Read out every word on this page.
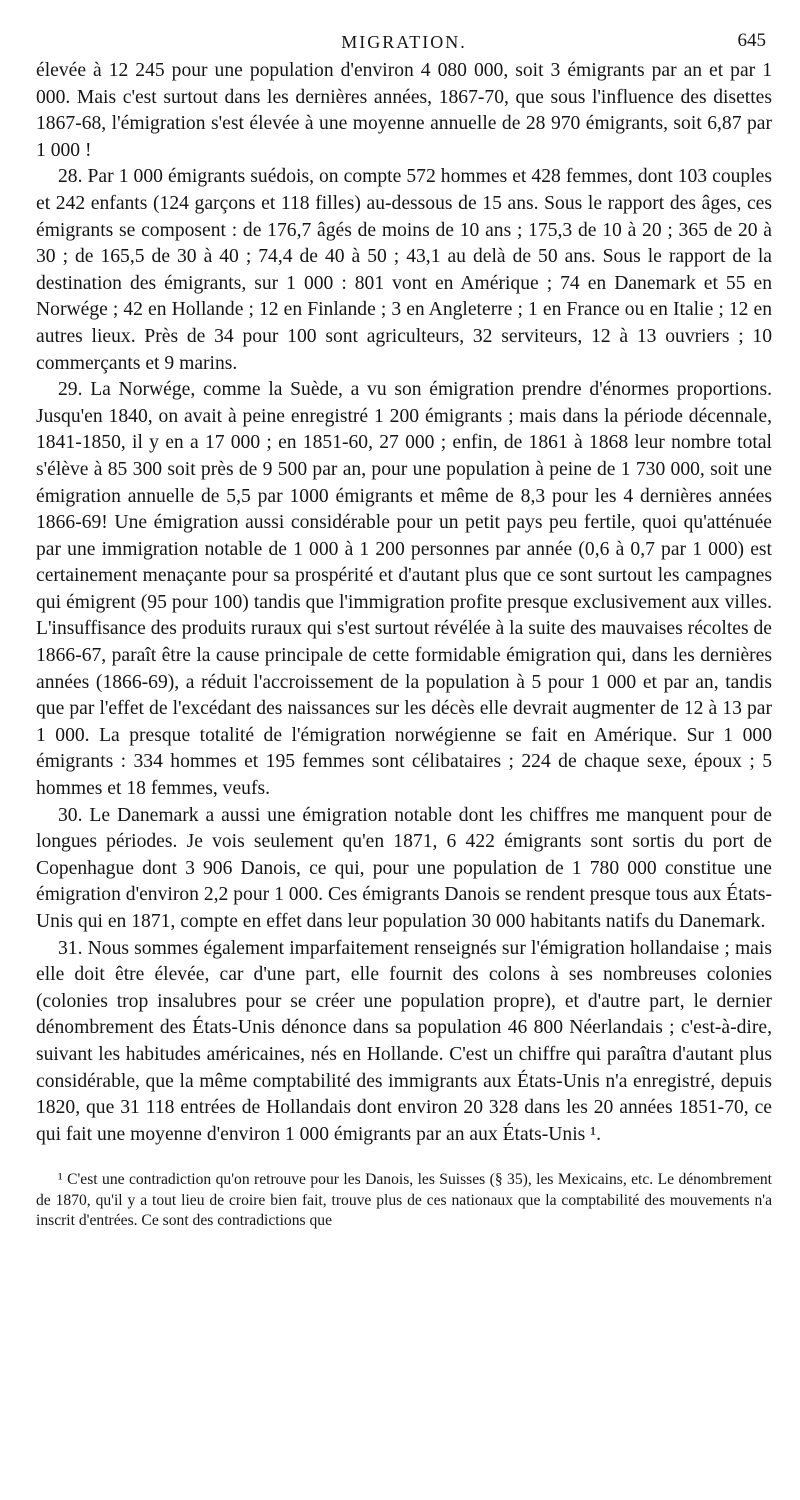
MIGRATION.	645

élevée à 12 245 pour une population d'environ 4 080 000, soit 3 émigrants par an et par 1 000. Mais c'est surtout dans les dernières années, 1867-70, que sous l'influence des disettes 1867-68, l'émigration s'est élevée à une moyenne annuelle de 28 970 émigrants, soit 6,87 par 1 000 !

28. Par 1 000 émigrants suédois, on compte 572 hommes et 428 femmes, dont 103 couples et 242 enfants (124 garçons et 118 filles) au-dessous de 15 ans. Sous le rapport des âges, ces émigrants se composent : de 176,7 âgés de moins de 10 ans ; 175,3 de 10 à 20 ; 365 de 20 à 30 ; de 165,5 de 30 à 40 ; 74,4 de 40 à 50 ; 43,1 au delà de 50 ans. Sous le rapport de la destination des émigrants, sur 1 000 : 801 vont en Amérique ; 74 en Danemark et 55 en Norwége ; 42 en Hollande ; 12 en Finlande ; 3 en Angleterre ; 1 en France ou en Italie ; 12 en autres lieux. Près de 34 pour 100 sont agriculteurs, 32 serviteurs, 12 à 13 ouvriers ; 10 commerçants et 9 marins.

29. La Norwége, comme la Suède, a vu son émigration prendre d'énormes proportions. Jusqu'en 1840, on avait à peine enregistré 1 200 émigrants ; mais dans la période décennale, 1841-1850, il y en a 17 000 ; en 1851-60, 27 000 ; enfin, de 1861 à 1868 leur nombre total s'élève à 85 300 soit près de 9 500 par an, pour une population à peine de 1 730 000, soit une émigration annuelle de 5,5 par 1000 émigrants et même de 8,3 pour les 4 dernières années 1866-69! Une émigration aussi considérable pour un petit pays peu fertile, quoi qu'atténuée par une immigration notable de 1 000 à 1 200 personnes par année (0,6 à 0,7 par 1 000) est certainement menaçante pour sa prospérité et d'autant plus que ce sont surtout les campagnes qui émigrent (95 pour 100) tandis que l'immigration profite presque exclusivement aux villes. L'insuffisance des produits ruraux qui s'est surtout révélée à la suite des mauvaises récoltes de 1866-67, paraît être la cause principale de cette formidable émigration qui, dans les dernières années (1866-69), a réduit l'accroissement de la population à 5 pour 1 000 et par an, tandis que par l'effet de l'excédant des naissances sur les décès elle devrait augmenter de 12 à 13 par 1 000. La presque totalité de l'émigration norwégienne se fait en Amérique. Sur 1 000 émigrants : 334 hommes et 195 femmes sont célibataires ; 224 de chaque sexe, époux ; 5 hommes et 18 femmes, veufs.

30. Le Danemark a aussi une émigration notable dont les chiffres me manquent pour de longues périodes. Je vois seulement qu'en 1871, 6 422 émigrants sont sortis du port de Copenhague dont 3 906 Danois, ce qui, pour une population de 1 780 000 constitue une émigration d'environ 2,2 pour 1 000. Ces émigrants Danois se rendent presque tous aux États-Unis qui en 1871, compte en effet dans leur population 30 000 habitants natifs du Danemark.

31. Nous sommes également imparfaitement renseignés sur l'émigration hollandaise ; mais elle doit être élevée, car d'une part, elle fournit des colons à ses nombreuses colonies (colonies trop insalubres pour se créer une population propre), et d'autre part, le dernier dénombrement des États-Unis dénonce dans sa population 46 800 Néerlandais ; c'est-à-dire, suivant les habitudes américaines, nés en Hollande. C'est un chiffre qui paraîtra d'autant plus considérable, que la même comptabilité des immigrants aux États-Unis n'a enregistré, depuis 1820, que 31 118 entrées de Hollandais dont environ 20 328 dans les 20 années 1851-70, ce qui fait une moyenne d'environ 1 000 émigrants par an aux États-Unis ¹.

¹ C'est une contradiction qu'on retrouve pour les Danois, les Suisses (§ 35), les Mexicains, etc. Le dénombrement de 1870, qu'il y a tout lieu de croire bien fait, trouve plus de ces nationaux que la comptabilité des mouvements n'a inscrit d'entrées. Ce sont des contradictions que
